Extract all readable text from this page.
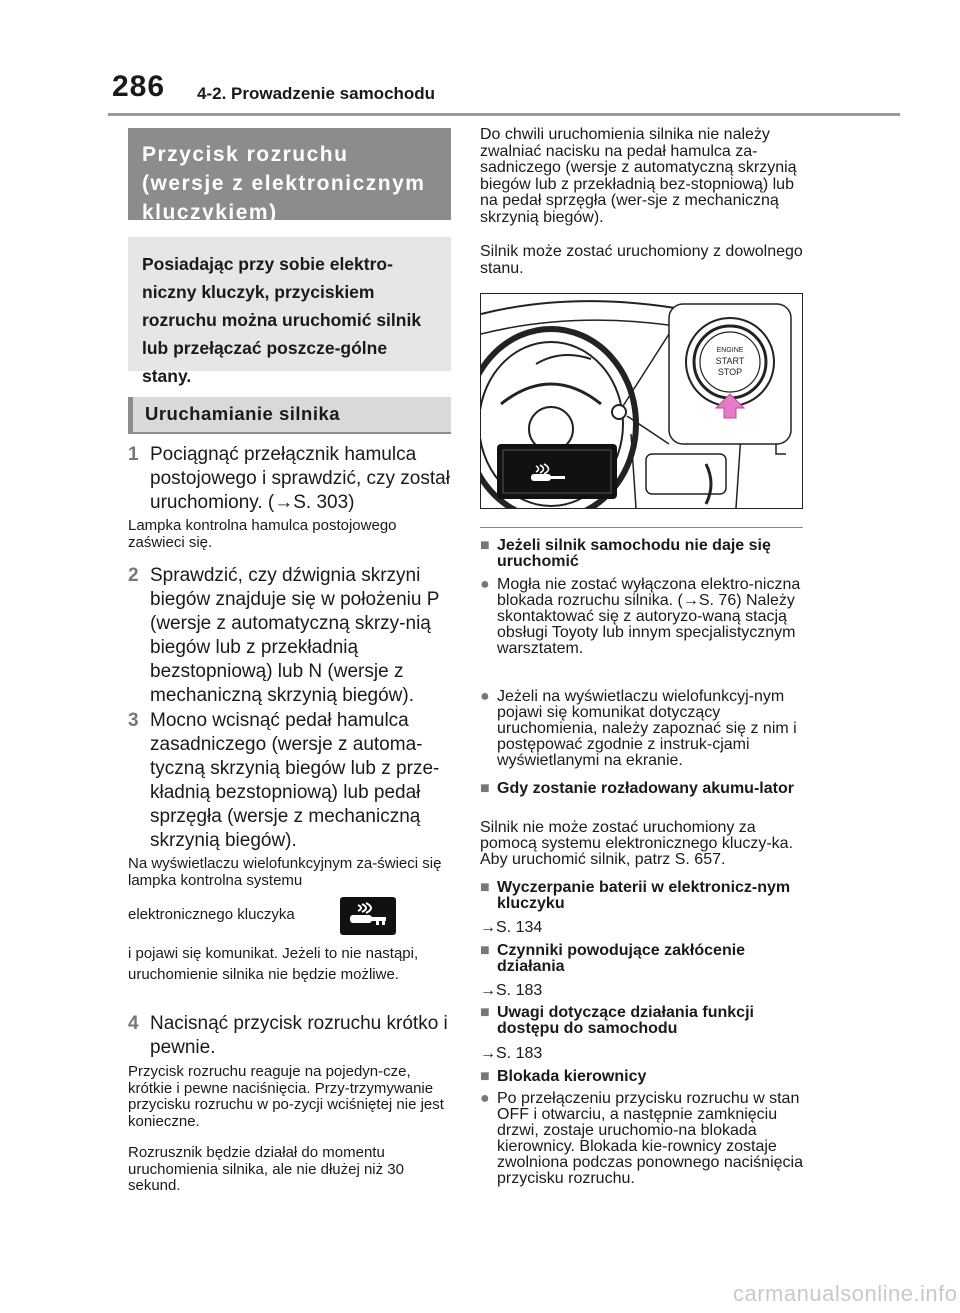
286 4-2. Prowadzenie samochodu
Przycisk rozruchu (wersje z elektronicznym kluczykiem)
Posiadając przy sobie elektro-niczny kluczyk, przyciskiem rozruchu można uruchomić silnik lub przełączać poszcze-gólne stany.
Uruchamianie silnika
1 Pociągnąć przełącznik hamulca postojowego i sprawdzić, czy został uruchomiony. (→S. 303)
Lampka kontrolna hamulca postojowego zaświeci się.
2 Sprawdzić, czy dźwignia skrzyni biegów znajduje się w położeniu P (wersje z automatyczną skrzy-nią biegów lub z przekładnią bezstopniową) lub N (wersje z mechaniczną skrzynią biegów).
3 Mocno wcisnąć pedał hamulca zasadniczego (wersje z automa-tyczną skrzynią biegów lub z prze-kładnią bezstopniową) lub pedał sprzęgła (wersje z mechaniczną skrzynią biegów).
Na wyświetlaczu wielofunkcyjnym za-świeci się lampka kontrolna systemu
elektronicznego kluczyka
i pojawi się komunikat. Jeżeli to nie nastąpi, uruchomienie silnika nie będzie możliwe.
4 Nacisnąć przycisk rozruchu krótko i pewnie.
Przycisk rozruchu reaguje na pojedyn-cze, krótkie i pewne naciśnięcia. Przy-trzymywanie przycisku rozruchu w po-zycji wciśniętej nie jest konieczne.
Rozrusznik będzie działał do momentu uruchomienia silnika, ale nie dłużej niż 30 sekund.
Do chwili uruchomienia silnika nie należy zwalniać nacisku na pedał hamulca za-sadniczego (wersje z automatyczną skrzynią biegów lub z przekładnią bez-stopniową) lub na pedał sprzęgła (wer-sje z mechaniczną skrzynią biegów).
Silnik może zostać uruchomiony z dowolnego stanu.
ENGINE
START
STOP
■ Jeżeli silnik samochodu nie daje się uruchomić
● Mogła nie zostać wyłączona elektro-niczna blokada rozruchu silnika. (→S. 76) Należy skontaktować się z autoryzo-waną stacją obsługi Toyoty lub innym specjalistycznym warsztatem.
● Jeżeli na wyświetlaczu wielofunkcyj-nym pojawi się komunikat dotyczący uruchomienia, należy zapoznać się z nim i postępować zgodnie z instruk-cjami wyświetlanymi na ekranie.
■ Gdy zostanie rozładowany akumu-lator
Silnik nie może zostać uruchomiony za pomocą systemu elektronicznego kluczy-ka. Aby uruchomić silnik, patrz S. 657.
■ Wyczerpanie baterii w elektronicz-nym kluczyku
→S. 134
■ Czynniki powodujące zakłócenie działania
→S. 183
■ Uwagi dotyczące działania funkcji dostępu do samochodu
→S. 183
■ Blokada kierownicy
● Po przełączeniu przycisku rozruchu w stan OFF i otwarciu, a następnie zamknięciu drzwi, zostaje uruchomio-na blokada kierownicy. Blokada kie-rownicy zostaje zwolniona podczas ponownego naciśnięcia przycisku rozruchu.
carmanualsonline.info
